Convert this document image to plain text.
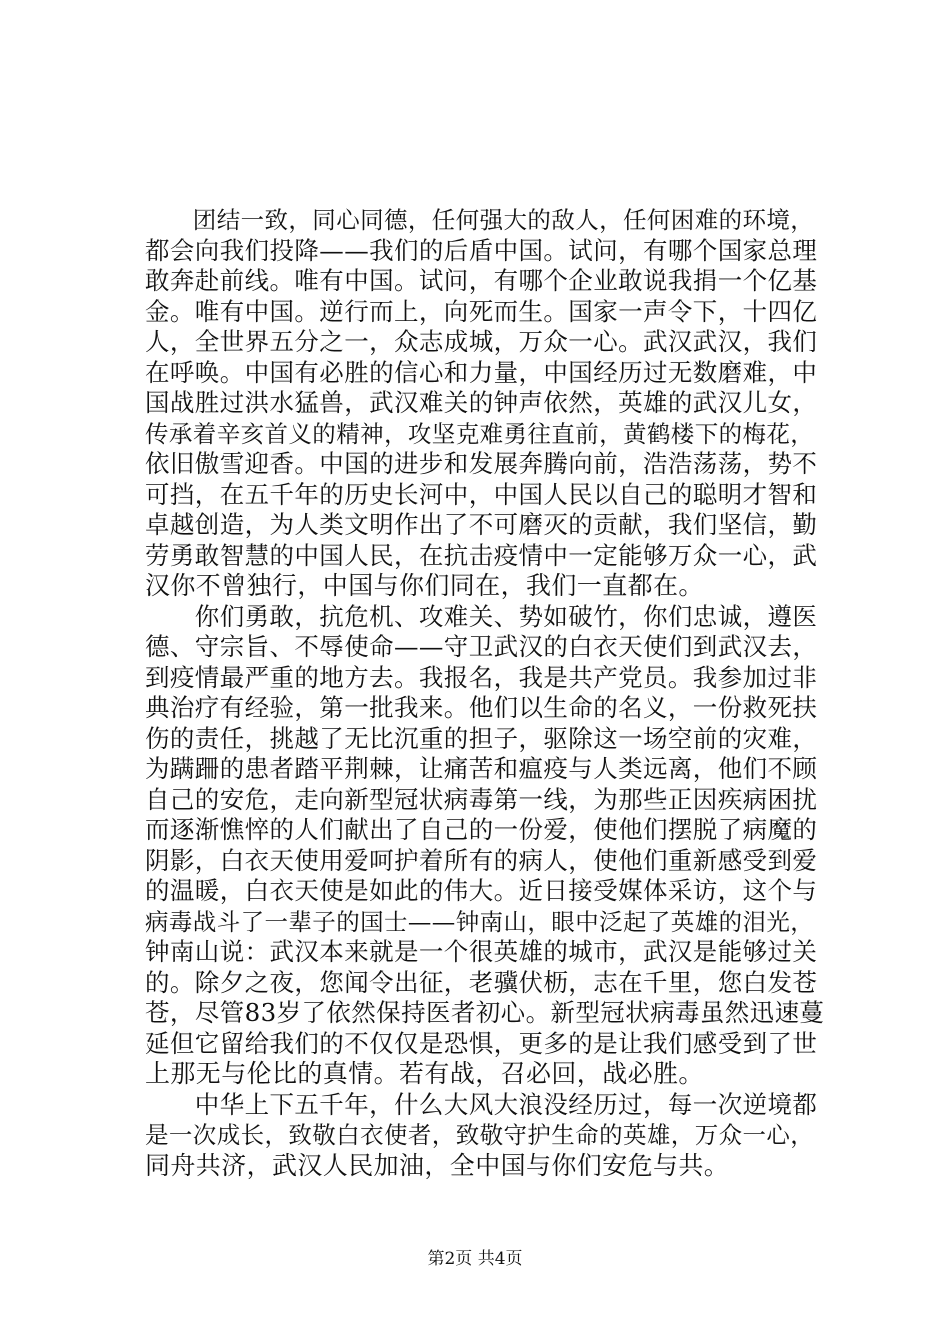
　　团结一致，同心同德，任何强大的敌人，任何困难的环境，
都会向我们投降——我们的后盾中国。试问，有哪个国家总理
敢奔赴前线。唯有中国。试问，有哪个企业敢说我捐一个亿基
金。唯有中国。逆行而上，向死而生。国家一声令下，十四亿
人，全世界五分之一，众志成城，万众一心。武汉武汉，我们
在呼唤。中国有必胜的信心和力量，中国经历过无数磨难，中
国战胜过洪水猛兽，武汉难关的钟声依然，英雄的武汉儿女，
传承着辛亥首义的精神，攻坚克难勇往直前，黄鹤楼下的梅花，
依旧傲雪迎香。中国的进步和发展奔腾向前，浩浩荡荡，势不
可挡，在五千年的历史长河中，中国人民以自己的聪明才智和
卓越创造，为人类文明作出了不可磨灭的贡献，我们坚信，勤
劳勇敢智慧的中国人民，在抗击疫情中一定能够万众一心，武
汉你不曾独行，中国与你们同在，我们一直都在。
　　你们勇敢，抗危机、攻难关、势如破竹，你们忠诚，遵医
德、守宗旨、不辱使命——守卫武汉的白衣天使们到武汉去，
到疫情最严重的地方去。我报名，我是共产党员。我参加过非
典治疗有经验，第一批我来。他们以生命的名义，一份救死扶
伤的责任，挑越了无比沉重的担子，驱除这一场空前的灾难，
为蹒跚的患者踏平荆棘，让痛苦和瘟疫与人类远离，他们不顾
自己的安危，走向新型冠状病毒第一线，为那些正因疾病困扰
而逐渐憔悴的人们献出了自己的一份爱，使他们摆脱了病魔的
阴影，白衣天使用爱呵护着所有的病人，使他们重新感受到爱
的温暖，白衣天使是如此的伟大。近日接受媒体采访，这个与
病毒战斗了一辈子的国士——钟南山，眼中泛起了英雄的泪光，
钟南山说：武汉本来就是一个很英雄的城市，武汉是能够过关
的。除夕之夜，您闻令出征，老骥伏枥，志在千里，您白发苍
苍，尽管83岁了依然保持医者初心。新型冠状病毒虽然迅速蔓
延但它留给我们的不仅仅是恐惧，更多的是让我们感受到了世
上那无与伦比的真情。若有战，召必回，战必胜。
　　中华上下五千年，什么大风大浪没经历过，每一次逆境都
是一次成长，致敬白衣使者，致敬守护生命的英雄，万众一心，
同舟共济，武汉人民加油，全中国与你们安危与共。
第2页 共4页
